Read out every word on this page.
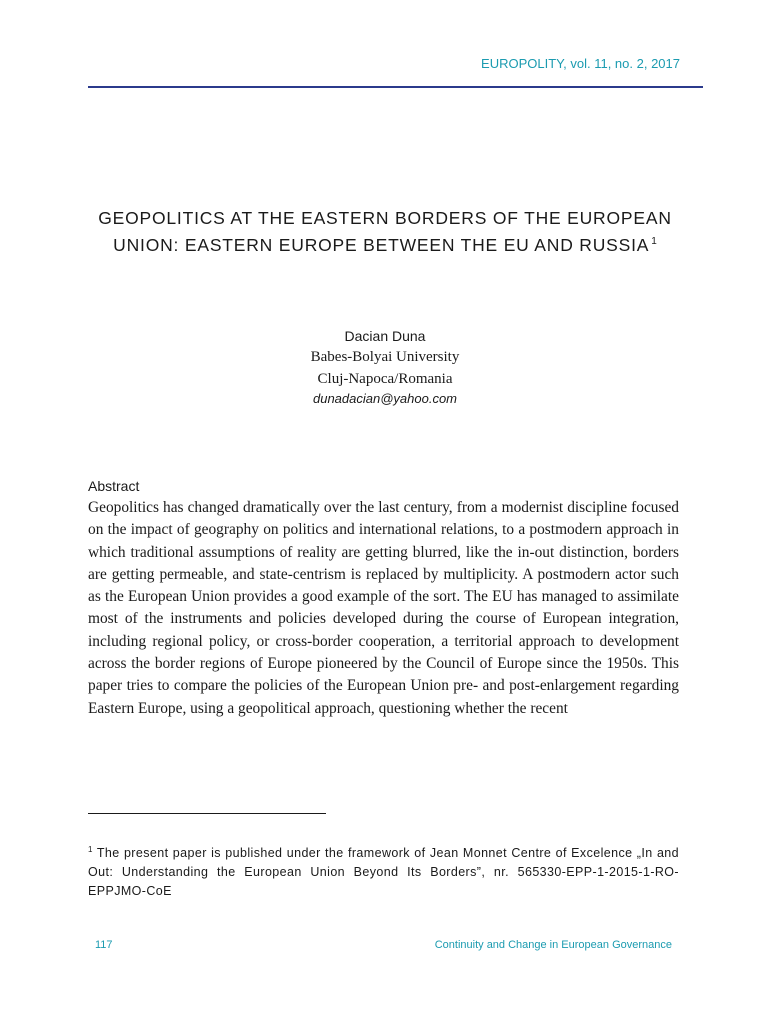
EUROPOLITY, vol. 11, no. 2, 2017
GEOPOLITICS AT THE EASTERN BORDERS OF THE EUROPEAN UNION: EASTERN EUROPE BETWEEN THE EU AND RUSSIA $^1$
Dacian Duna
Babes-Bolyai University
Cluj-Napoca/Romania
dunadacian@yahoo.com
Abstract

Geopolitics has changed dramatically over the last century, from a modernist discipline focused on the impact of geography on politics and international relations, to a postmodern approach in which traditional assumptions of reality are getting blurred, like the in-out distinction, borders are getting permeable, and state-centrism is replaced by multiplicity. A postmodern actor such as the European Union provides a good example of the sort. The EU has managed to assimilate most of the instruments and policies developed during the course of European integration, including regional policy, or cross-border cooperation, a territorial approach to development across the border regions of Europe pioneered by the Council of Europe since the 1950s. This paper tries to compare the policies of the European Union pre- and post-enlargement regarding Eastern Europe, using a geopolitical approach, questioning whether the recent

$^1$ The present paper is published under the framework of Jean Monnet Centre of Excelence „In and Out: Understanding the European Union Beyond Its Borders”, nr. 565330-EPP-1-2015-1-RO-EPPJMO-CoE
117	Continuity and Change in European Governance
